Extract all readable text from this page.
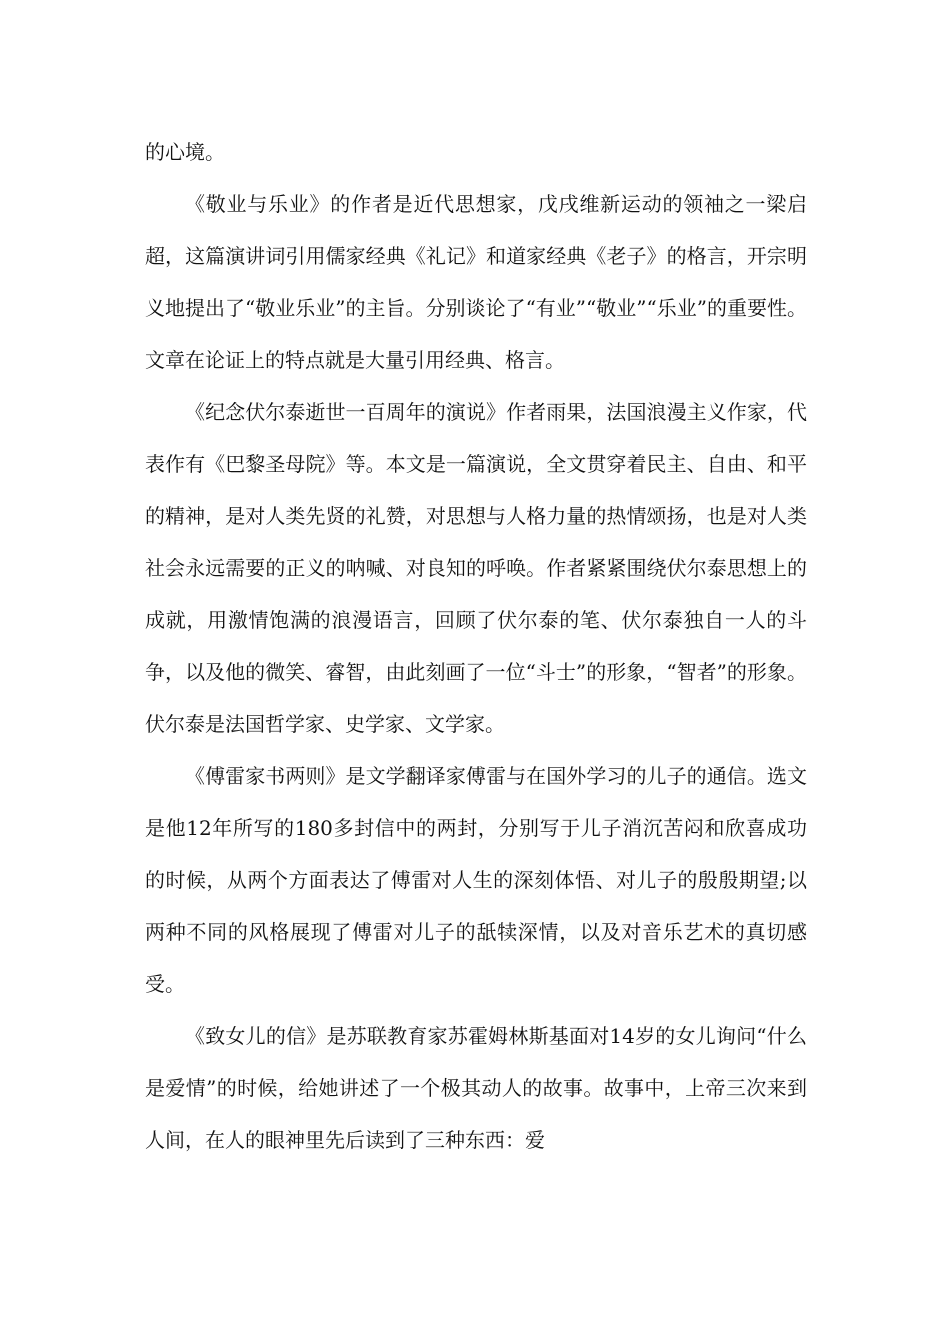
的心境。

《敬业与乐业》的作者是近代思想家，戊戌维新运动的领袖之一梁启超，这篇演讲词引用儒家经典《礼记》和道家经典《老子》的格言，开宗明义地提出了“敬业乐业”的主旨。分别谈论了“有业”“敬业”“乐业”的重要性。文章在论证上的特点就是大量引用经典、格言。

《纪念伏尔泰逝世一百周年的演说》作者雨果，法国浪漫主义作家，代表作有《巴黎圣母院》等。本文是一篇演说，全文贯穿着民主、自由、和平的精神，是对人类先贤的礼赞，对思想与人格力量的热情颂扬，也是对人类社会永远需要的正义的呐喊、对良知的呼唤。作者紧紧围绕伏尔泰思想上的成就，用激情饱满的浪漫语言，回顾了伏尔泰的笔、伏尔泰独自一人的斗争，以及他的微笑、睿智，由此刻画了一位“斗士”的形象，“智者”的形象。伏尔泰是法国哲学家、史学家、文学家。

《傅雷家书两则》是文学翻译家傅雷与在国外学习的儿子的通信。选文是他12年所写的180多封信中的两封，分别写于儿子消沉苦闷和欣喜成功的时候，从两个方面表达了傅雷对人生的深刻体悟、对儿子的殷殷期望;以两种不同的风格展现了傅雷对儿子的舐犊深情，以及对音乐艺术的真切感受。

《致女儿的信》是苏联教育家苏霍姆林斯基面对14岁的女儿询问“什么是爱情”的时候，给她讲述了一个极其动人的故事。故事中，上帝三次来到人间，在人的眼神里先后读到了三种东西：爱
